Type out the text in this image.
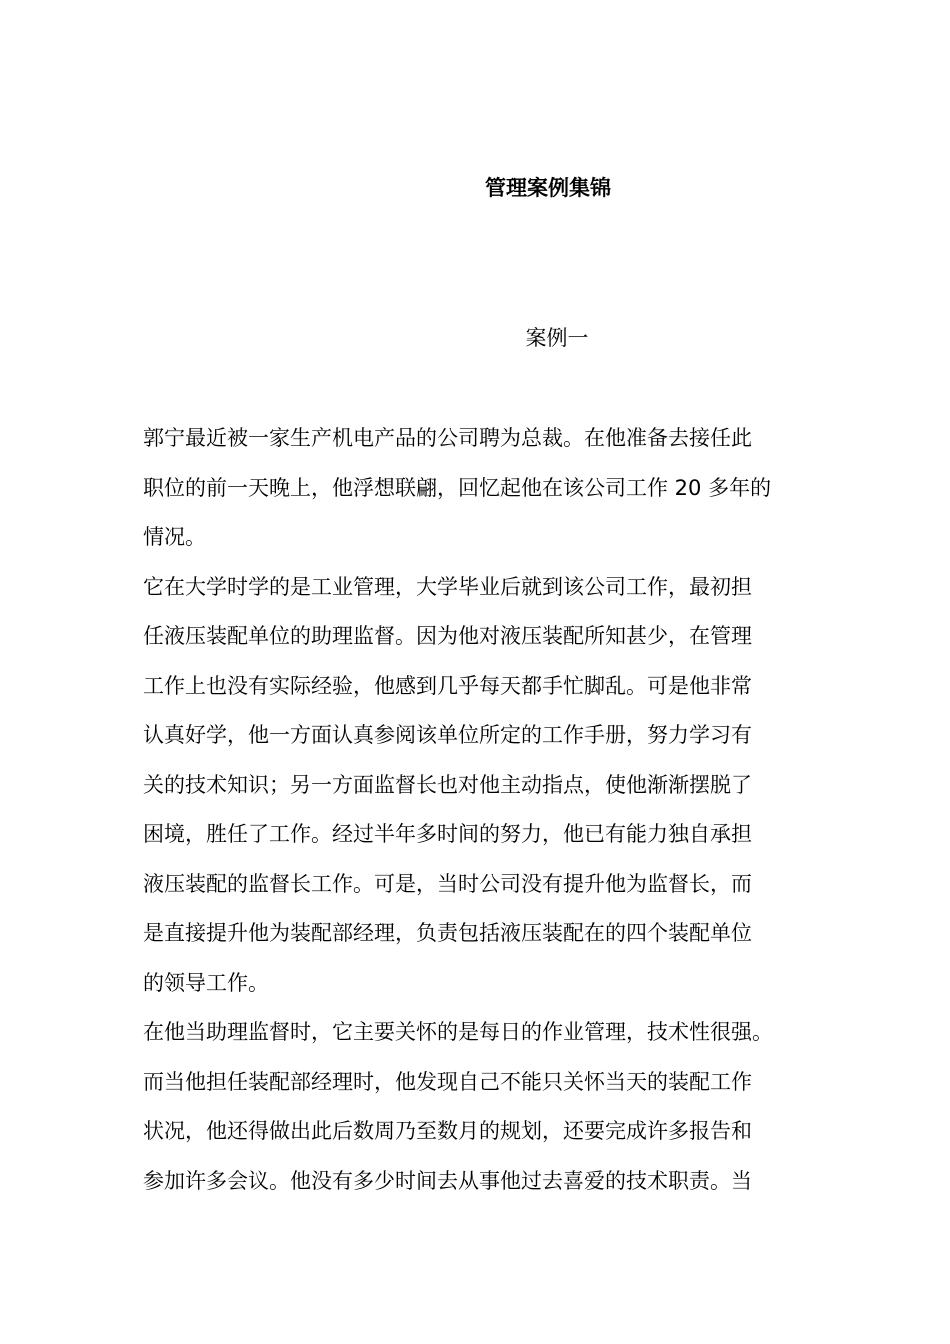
管理案例集锦
案例一

郭宁最近被一家生产机电产品的公司聘为总裁。在他准备去接任此

职位的前一天晚上，他浮想联翩，回忆起他在该公司工作 20 多年的

情况。

它在大学时学的是工业管理，大学毕业后就到该公司工作，最初担

任液压装配单位的助理监督。因为他对液压装配所知甚少，在管理

工作上也没有实际经验，他感到几乎每天都手忙脚乱。可是他非常

认真好学，他一方面认真参阅该单位所定的工作手册，努力学习有

关的技术知识；另一方面监督长也对他主动指点，使他渐渐摆脱了

困境，胜任了工作。经过半年多时间的努力，他已有能力独自承担

液压装配的监督长工作。可是，当时公司没有提升他为监督长，而

是直接提升他为装配部经理，负责包括液压装配在的四个装配单位

的领导工作。

在他当助理监督时，它主要关怀的是每日的作业管理，技术性很强。

而当他担任装配部经理时，他发现自己不能只关怀当天的装配工作

状况，他还得做出此后数周乃至数月的规划，还要完成许多报告和

参加许多会议。他没有多少时间去从事他过去喜爱的技术职责。当
